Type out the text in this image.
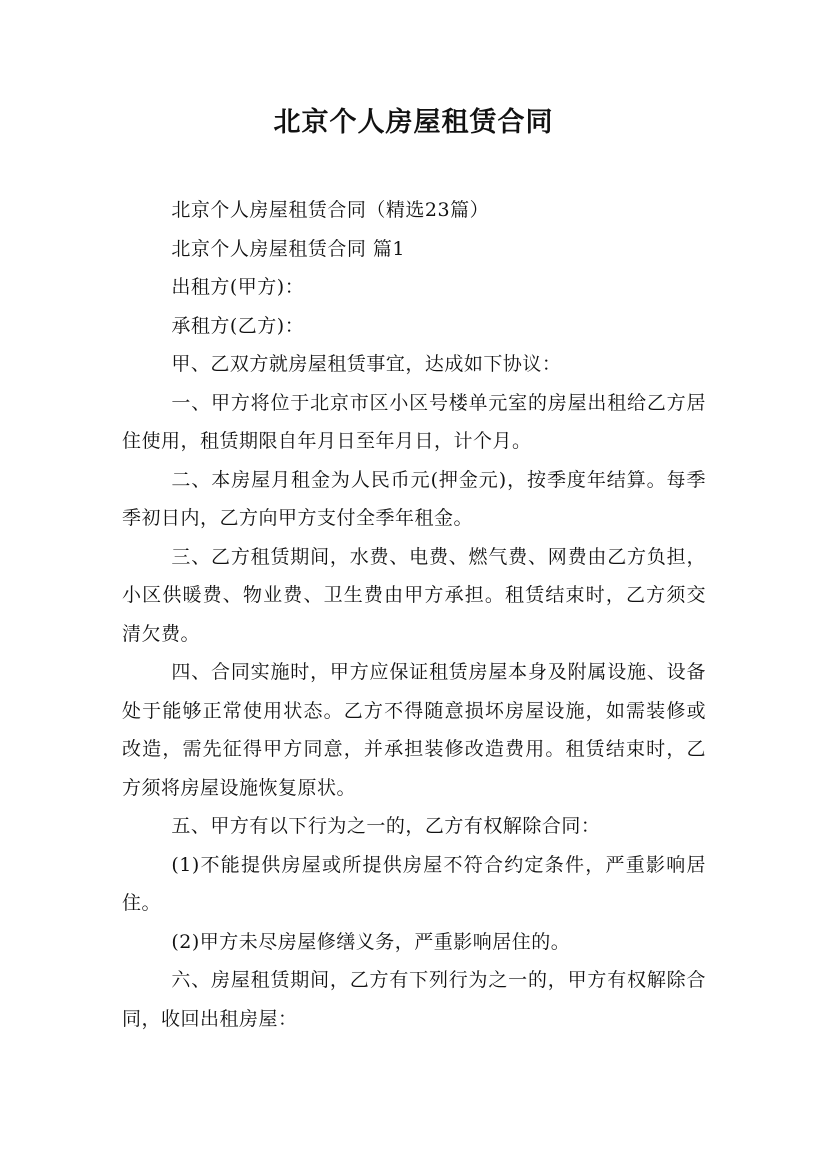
北京个人房屋租赁合同

北京个人房屋租赁合同（精选23篇）

北京个人房屋租赁合同 篇1

出租方(甲方)：

承租方(乙方)：

甲、乙双方就房屋租赁事宜，达成如下协议：

一、甲方将位于北京市区小区号楼单元室的房屋出租给乙方居住使用，租赁期限自年月日至年月日，计个月。

二、本房屋月租金为人民币元(押金元)，按季度年结算。每季季初日内，乙方向甲方支付全季年租金。

三、乙方租赁期间，水费、电费、燃气费、网费由乙方负担，小区供暖费、物业费、卫生费由甲方承担。租赁结束时，乙方须交清欠费。

四、合同实施时，甲方应保证租赁房屋本身及附属设施、设备处于能够正常使用状态。乙方不得随意损坏房屋设施，如需装修或改造，需先征得甲方同意，并承担装修改造费用。租赁结束时，乙方须将房屋设施恢复原状。

五、甲方有以下行为之一的，乙方有权解除合同：

(1)不能提供房屋或所提供房屋不符合约定条件，严重影响居住。

(2)甲方未尽房屋修缮义务，严重影响居住的。

六、房屋租赁期间，乙方有下列行为之一的，甲方有权解除合同，收回出租房屋：
